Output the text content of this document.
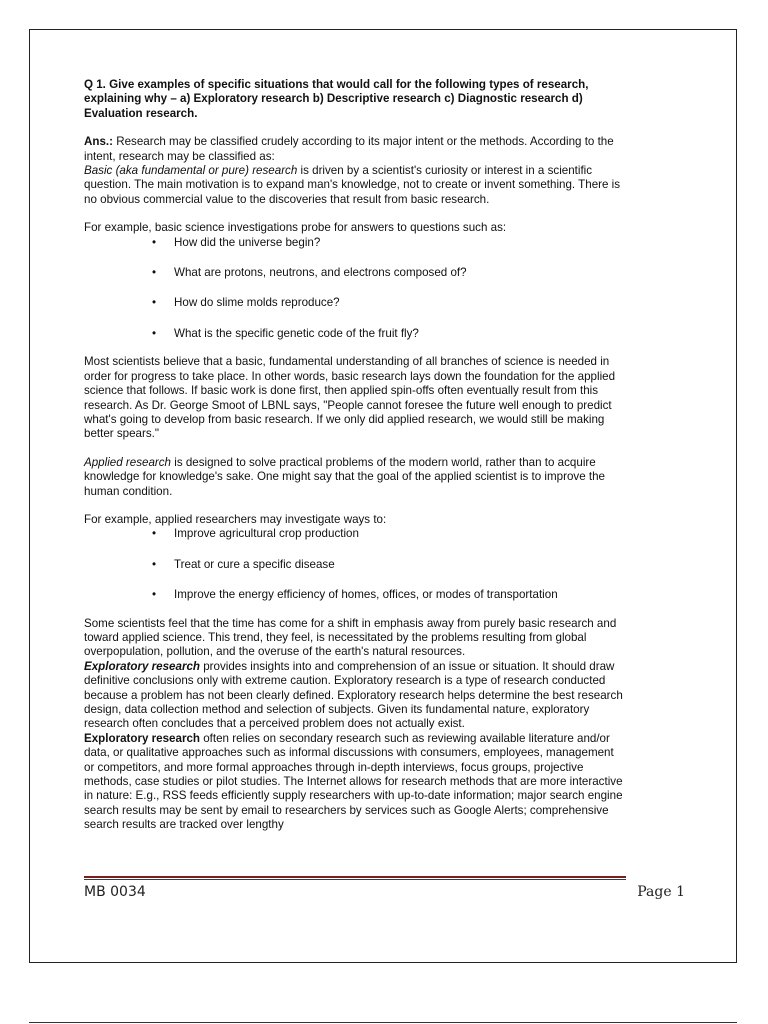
Q 1. Give examples of specific situations that would call for the following types of research, explaining why – a) Exploratory research b) Descriptive research c) Diagnostic research d) Evaluation research.

Ans.: Research may be classified crudely according to its major intent or the methods. According to the intent, research may be classified as:

Basic (aka fundamental or pure) research is driven by a scientist's curiosity or interest in a scientific question. The main motivation is to expand man's knowledge, not to create or invent something. There is no obvious commercial value to the discoveries that result from basic research.

For example, basic science investigations probe for answers to questions such as:

• How did the universe begin?
• What are protons, neutrons, and electrons composed of?
• How do slime molds reproduce?
• What is the specific genetic code of the fruit fly?

Most scientists believe that a basic, fundamental understanding of all branches of science is needed in order for progress to take place. In other words, basic research lays down the foundation for the applied science that follows. If basic work is done first, then applied spin-offs often eventually result from this research. As Dr. George Smoot of LBNL says, "People cannot foresee the future well enough to predict what's going to develop from basic research. If we only did applied research, we would still be making better spears."

Applied research is designed to solve practical problems of the modern world, rather than to acquire knowledge for knowledge's sake. One might say that the goal of the applied scientist is to improve the human condition.

For example, applied researchers may investigate ways to:

• Improve agricultural crop production
• Treat or cure a specific disease
• Improve the energy efficiency of homes, offices, or modes of transportation

Some scientists feel that the time has come for a shift in emphasis away from purely basic research and toward applied science. This trend, they feel, is necessitated by the problems resulting from global overpopulation, pollution, and the overuse of the earth's natural resources.

Exploratory research provides insights into and comprehension of an issue or situation. It should draw definitive conclusions only with extreme caution. Exploratory research is a type of research conducted because a problem has not been clearly defined. Exploratory research helps determine the best research design, data collection method and selection of subjects. Given its fundamental nature, exploratory research often concludes that a perceived problem does not actually exist.

Exploratory research often relies on secondary research such as reviewing available literature and/or data, or qualitative approaches such as informal discussions with consumers, employees, management or competitors, and more formal approaches through in-depth interviews, focus groups, projective methods, case studies or pilot studies. The Internet allows for research methods that are more interactive in nature: E.g., RSS feeds efficiently supply researchers with up-to-date information; major search engine search results may be sent by email to researchers by services such as Google Alerts; comprehensive search results are tracked over lengthy

MB 0034	Page 1
